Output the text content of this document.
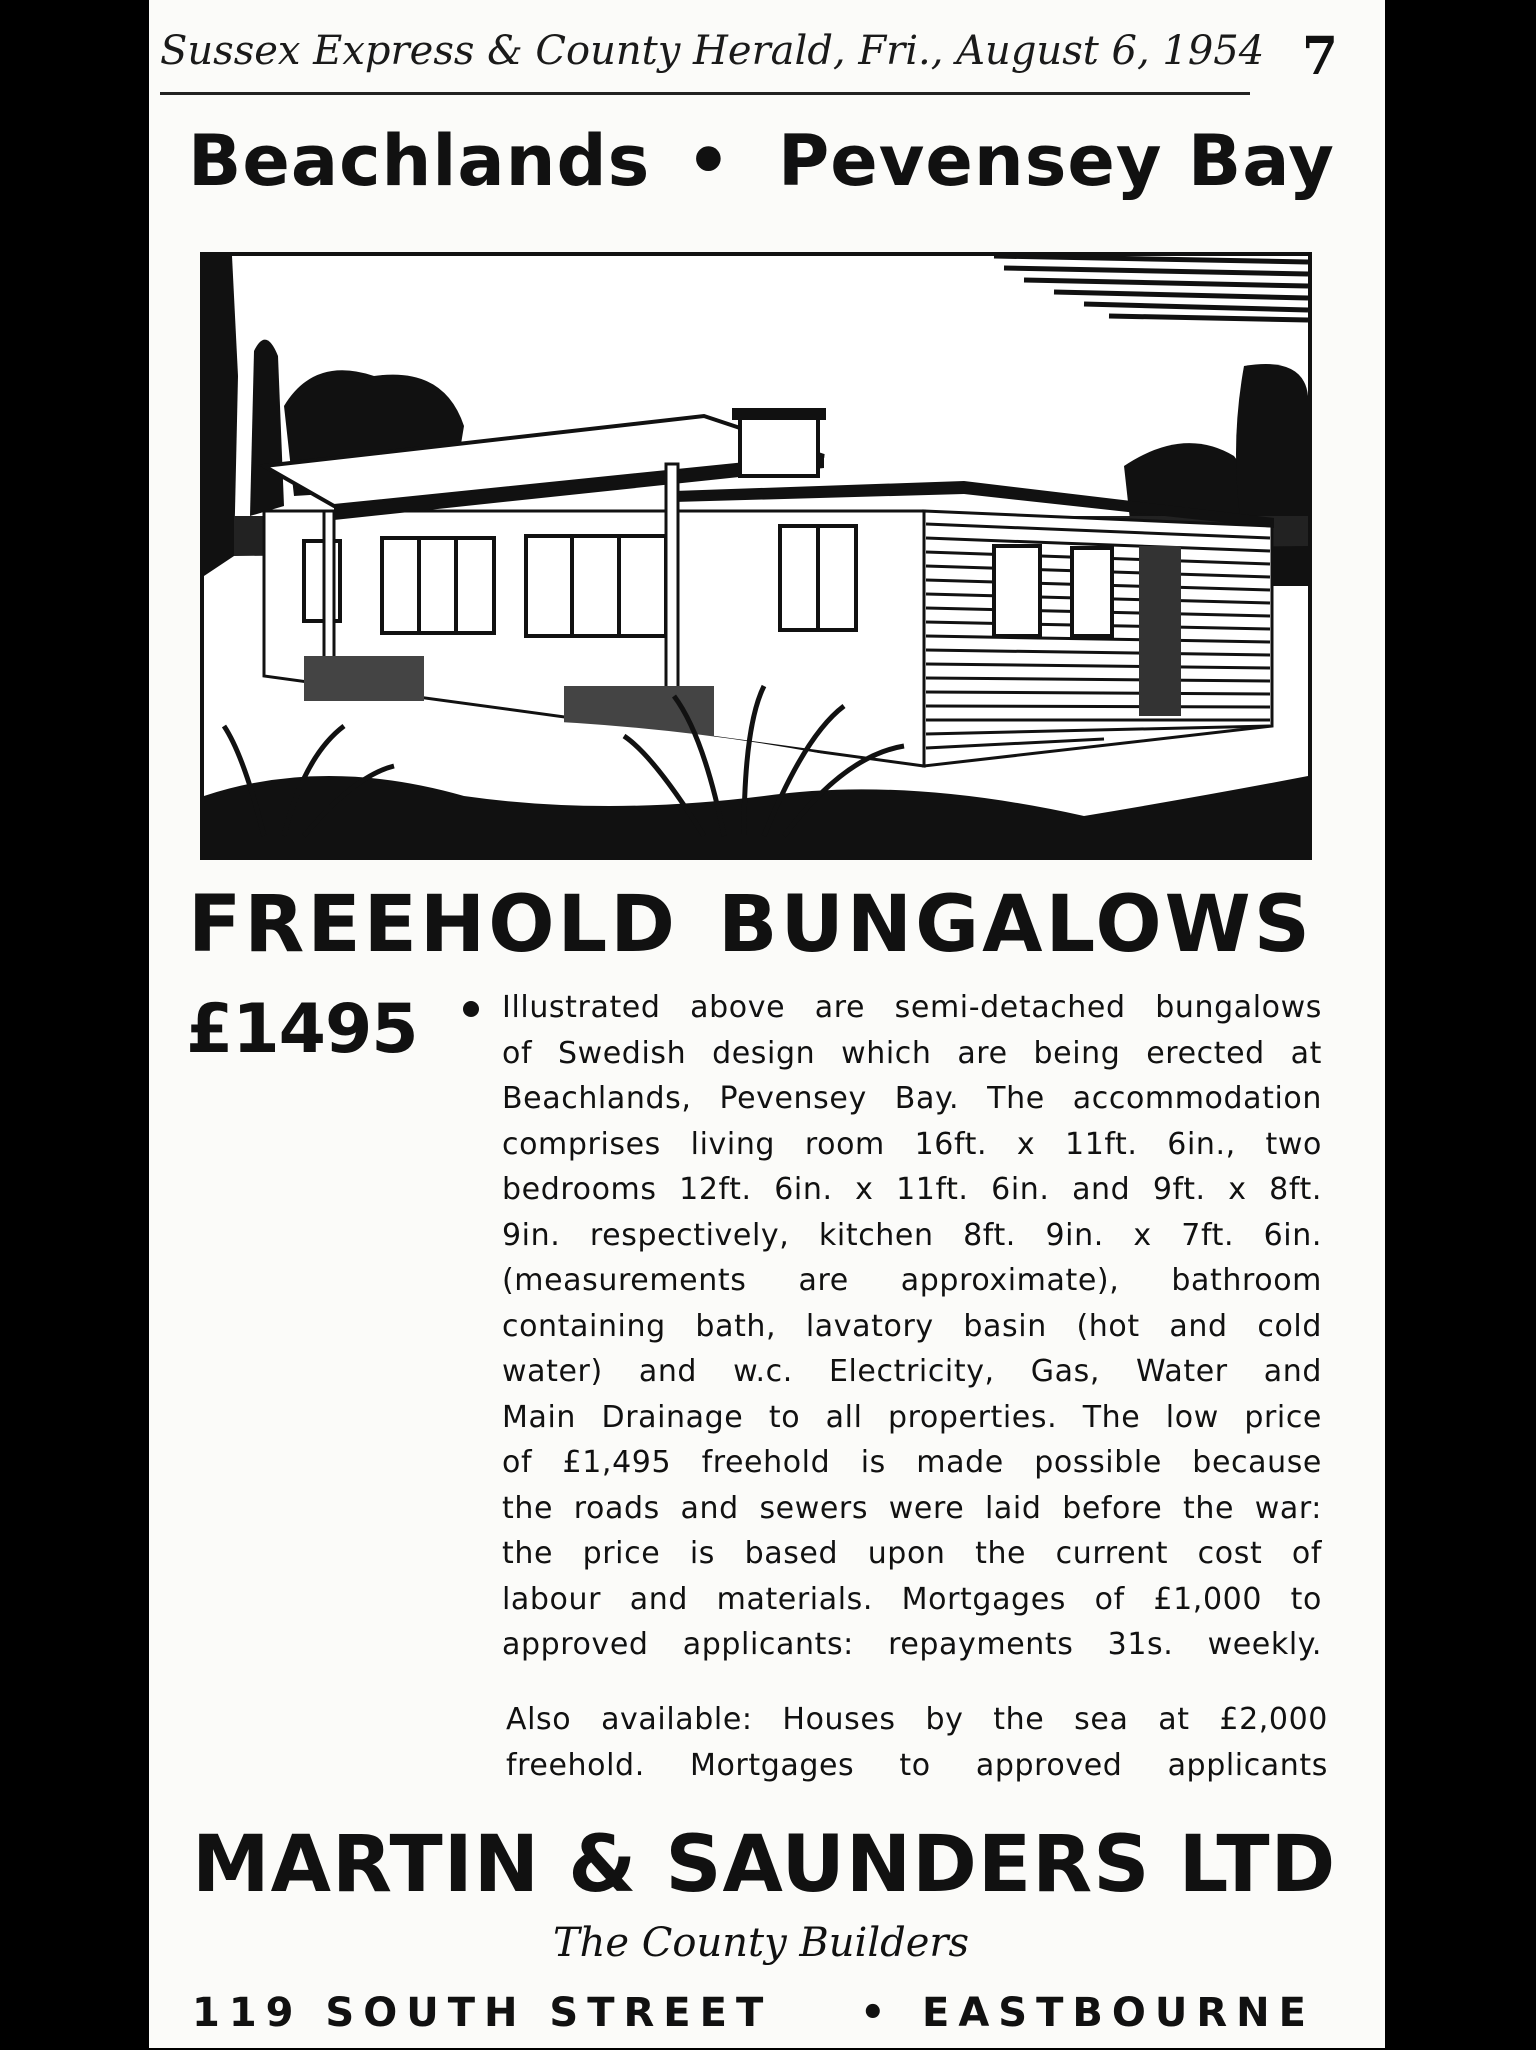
Sussex Express & County Herald, Fri., August 6, 1954 7
Beachlands • Pevensey Bay
FREEHOLD BUNGALOWS
£1495	Illustrated above are semi-detached bungalows
of Swedish design which are being erected at
Beachlands, Pevensey Bay. The accommodation
comprises living room 16ft. x 11ft. 6in., two
bedrooms 12ft. 6in. x 11ft. 6in. and 9ft. x 8ft.
9in. respectively, kitchen 8ft. 9in. x 7ft. 6in.
(measurements are approximate), bathroom
containing bath, lavatory basin (hot and cold
water) and w.c. Electricity, Gas, Water and
Main Drainage to all properties. The low price
of £1,495 freehold is made possible because
the roads and sewers were laid before the war:
the price is based upon the current cost of
labour and materials. Mortgages of £1,000 to
approved applicants: repayments 31s. weekly.
Also available: Houses by the sea at £2,000
freehold. Mortgages to approved applicants
MARTIN & SAUNDERS LTD
The County Builders
119 SOUTH STREET • EASTBOURNE
